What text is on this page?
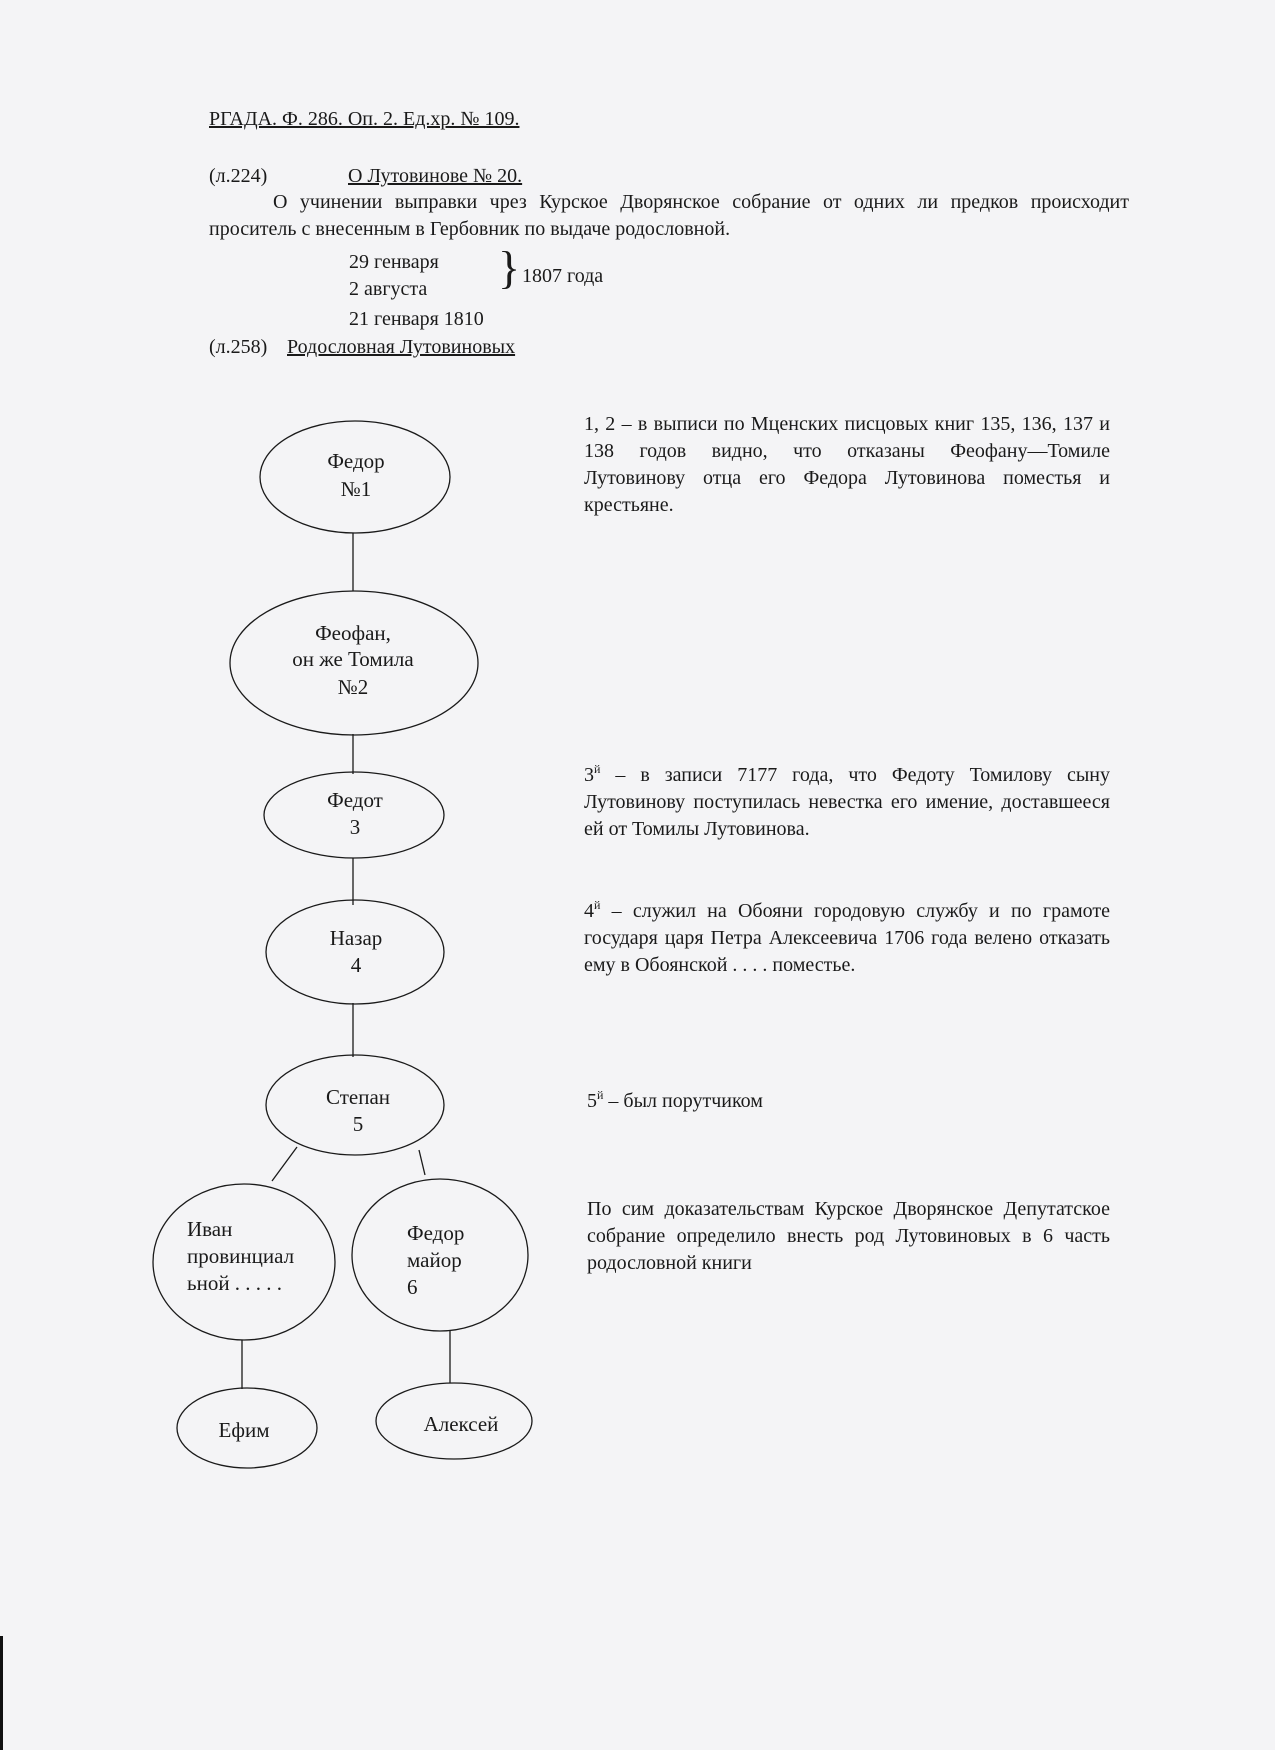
РГАДА. Ф. 286. Оп. 2. Ед.хр. № 109.
(л.224)	О Лутовинове № 20.

О учинении выправки чрез Курское Дворянское собрание от одних ли предков происходит проситель с внесенным в Гербовник по выдаче родословной.

29 генваря
2 августа } 1807 года
21 генваря 1810
(л.258) Родословная Лутовиновых
Федор
№1
Феофан,
он же Томила
№2
Федот
3
Назар
4
Степан
5
Иван
провинциал
ьной . . . . .
Федор
майор
6
Ефим	Алексей
1, 2 – в выписи по Мценских писцовых книг 135, 136, 137 и 138 годов видно, что отказаны Феофану—Томиле Лутовинову отца его Федора Лутовинова поместья и крестьяне.
$3^й$ – в записи 7177 года, что Федоту Томилову сыну Лутовинову поступилась невестка его имение, доставшееся ей от Томилы Лутовинова.
$4^й$ – служил на Обояни городовую службу и по грамоте государя царя Петра Алексеевича 1706 года велено отказать ему в Обоянской . . . . поместье.
$5^й$ – был порутчиком
По сим доказательствам Курское Дворянское Депутатское собрание определило внесть род Лутовиновых в 6 часть родословной книги
